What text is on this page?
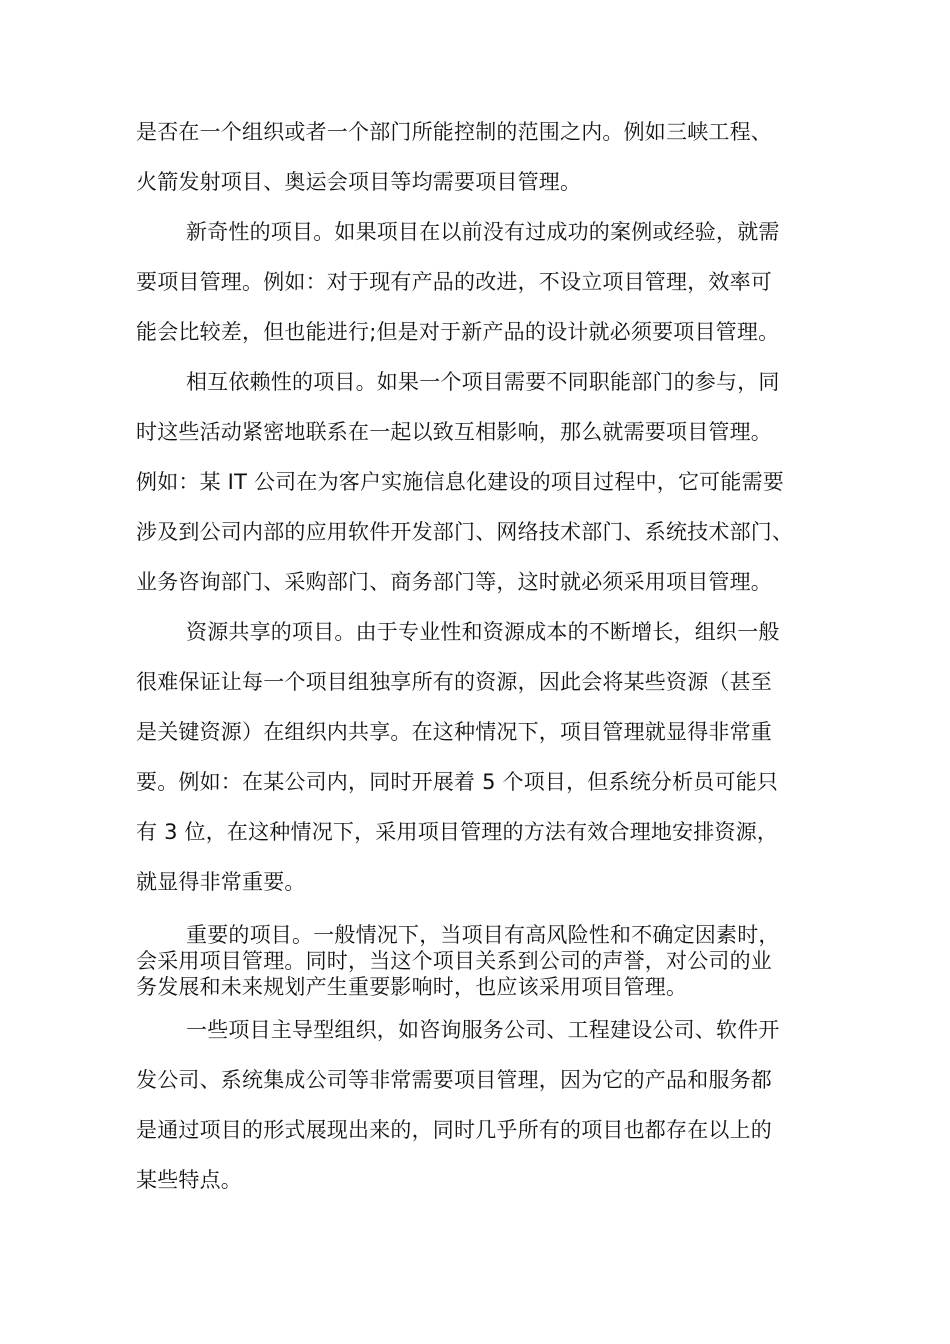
是否在一个组织或者一个部门所能控制的范围之内。例如三峡工程、
火箭发射项目、奥运会项目等均需要项目管理。
新奇性的项目。如果项目在以前没有过成功的案例或经验，就需
要项目管理。例如：对于现有产品的改进，不设立项目管理，效率可
能会比较差，但也能进行;但是对于新产品的设计就必须要项目管理。
相互依赖性的项目。如果一个项目需要不同职能部门的参与，同
时这些活动紧密地联系在一起以致互相影响，那么就需要项目管理。
例如：某 IT 公司在为客户实施信息化建设的项目过程中，它可能需要
涉及到公司内部的应用软件开发部门、网络技术部门、系统技术部门、
业务咨询部门、采购部门、商务部门等，这时就必须采用项目管理。
资源共享的项目。由于专业性和资源成本的不断增长，组织一般
很难保证让每一个项目组独享所有的资源，因此会将某些资源（甚至
是关键资源）在组织内共享。在这种情况下，项目管理就显得非常重
要。例如：在某公司内，同时开展着 5 个项目，但系统分析员可能只
有 3 位，在这种情况下，采用项目管理的方法有效合理地安排资源，
就显得非常重要。
重要的项目。一般情况下，当项目有高风险性和不确定因素时，
会采用项目管理。同时，当这个项目关系到公司的声誉，对公司的业
务发展和未来规划产生重要影响时，也应该采用项目管理。
一些项目主导型组织，如咨询服务公司、工程建设公司、软件开
发公司、系统集成公司等非常需要项目管理，因为它的产品和服务都
是通过项目的形式展现出来的，同时几乎所有的项目也都存在以上的
某些特点。
